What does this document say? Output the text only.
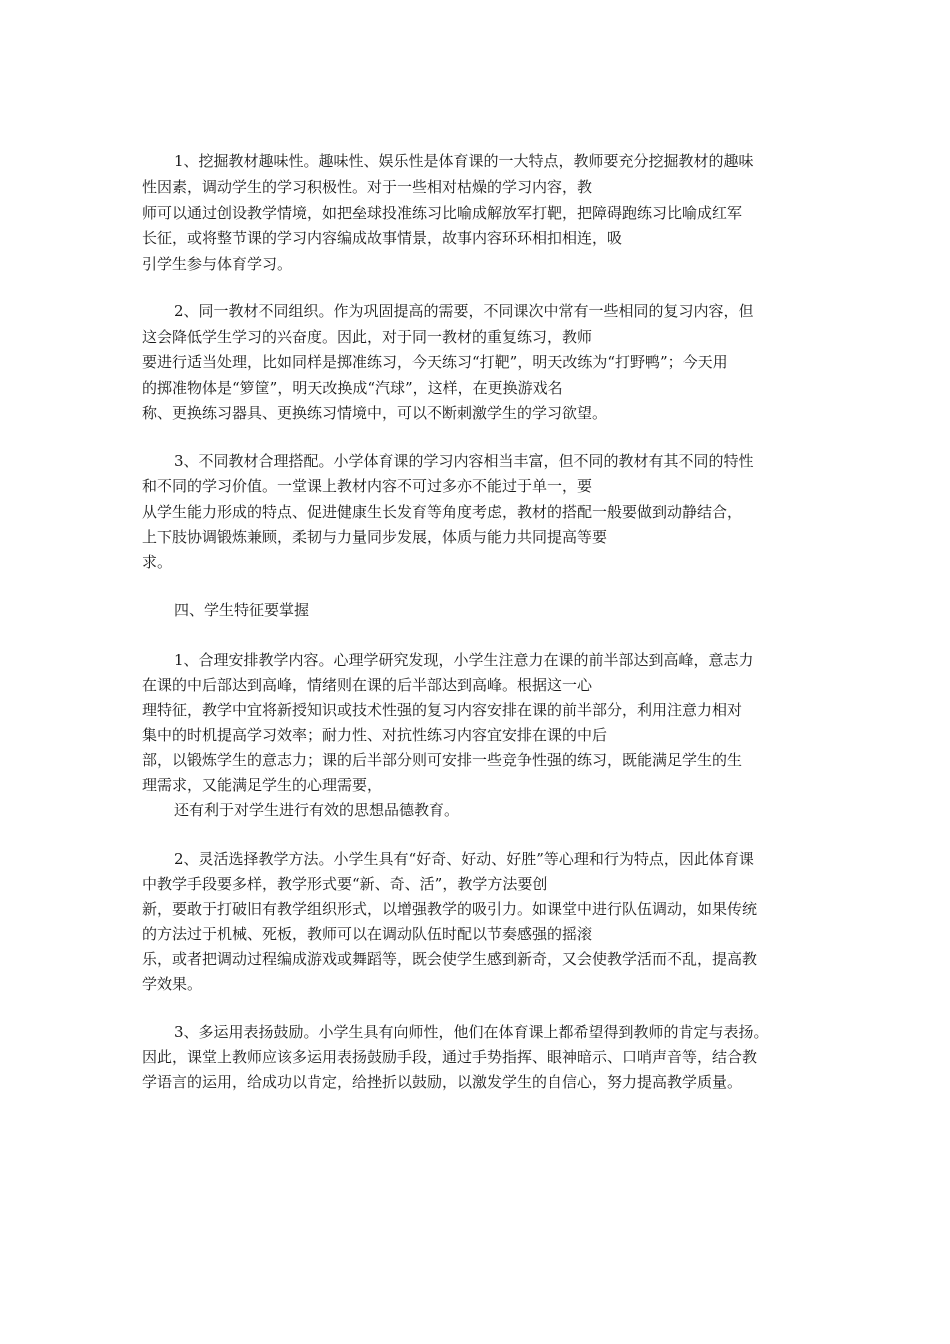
1、挖掘教材趣味性。趣味性、娱乐性是体育课的一大特点，教师要充分挖掘教材的趣味

性因素，调动学生的学习积极性。对于一些相对枯燥的学习内容，教

师可以通过创设教学情境，如把垒球投准练习比喻成解放军打靶，把障碍跑练习比喻成红军

长征，或将整节课的学习内容编成故事情景，故事内容环环相扣相连，吸

引学生参与体育学习。

2、同一教材不同组织。作为巩固提高的需要，不同课次中常有一些相同的复习内容，但

这会降低学生学习的兴奋度。因此，对于同一教材的重复练习，教师

要进行适当处理，比如同样是掷准练习，今天练习“打靶”，明天改练为“打野鸭”；今天用

的掷准物体是“箩筐”，明天改换成“汽球”，这样，在更换游戏名

称、更换练习器具、更换练习情境中，可以不断刺激学生的学习欲望。

3、不同教材合理搭配。小学体育课的学习内容相当丰富，但不同的教材有其不同的特性

和不同的学习价值。一堂课上教材内容不可过多亦不能过于单一，要

从学生能力形成的特点、促进健康生长发育等角度考虑，教材的搭配一般要做到动静结合，

上下肢协调锻炼兼顾，柔韧与力量同步发展，体质与能力共同提高等要

求。

四、学生特征要掌握

1、合理安排教学内容。心理学研究发现，小学生注意力在课的前半部达到高峰，意志力

在课的中后部达到高峰，情绪则在课的后半部达到高峰。根据这一心

理特征，教学中宜将新授知识或技术性强的复习内容安排在课的前半部分，利用注意力相对

集中的时机提高学习效率；耐力性、对抗性练习内容宜安排在课的中后

部，以锻炼学生的意志力；课的后半部分则可安排一些竞争性强的练习，既能满足学生的生

理需求，又能满足学生的心理需要，

还有利于对学生进行有效的思想品德教育。

2、灵活选择教学方法。小学生具有“好奇、好动、好胜”等心理和行为特点，因此体育课

中教学手段要多样，教学形式要“新、奇、活”，教学方法要创

新，要敢于打破旧有教学组织形式，以增强教学的吸引力。如课堂中进行队伍调动，如果传统

的方法过于机械、死板，教师可以在调动队伍时配以节奏感强的摇滚

乐，或者把调动过程编成游戏或舞蹈等，既会使学生感到新奇，又会使教学活而不乱，提高教

学效果。

3、多运用表扬鼓励。小学生具有向师性，他们在体育课上都希望得到教师的肯定与表扬。

因此，课堂上教师应该多运用表扬鼓励手段，通过手势指挥、眼神暗示、口哨声音等，结合教

学语言的运用，给成功以肯定，给挫折以鼓励，以激发学生的自信心，努力提高教学质量。
